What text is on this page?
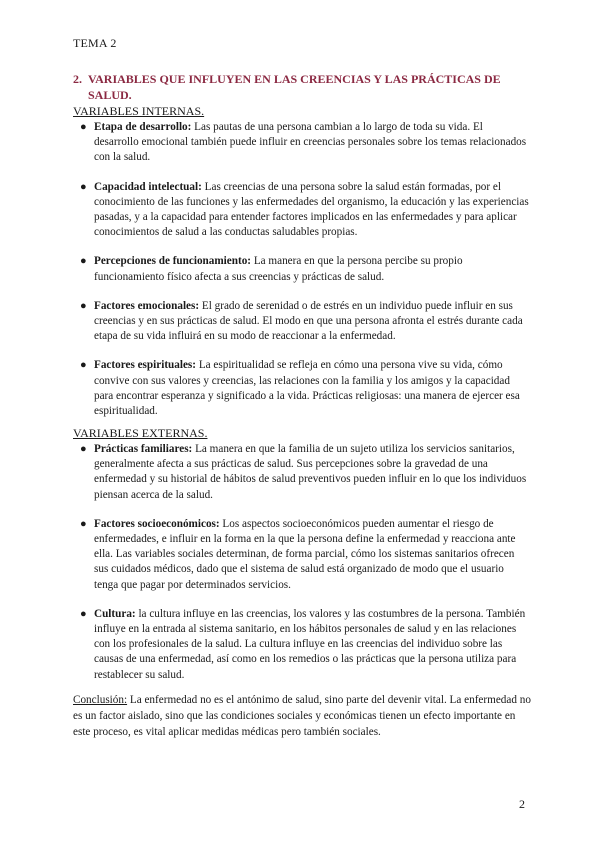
TEMA 2
2. VARIABLES QUE INFLUYEN EN LAS CREENCIAS Y LAS PRÁCTICAS DE SALUD.
VARIABLES INTERNAS.
● Etapa de desarrollo: Las pautas de una persona cambian a lo largo de toda su vida. El desarrollo emocional también puede influir en creencias personales sobre los temas relacionados con la salud.
● Capacidad intelectual: Las creencias de una persona sobre la salud están formadas, por el conocimiento de las funciones y las enfermedades del organismo, la educación y las experiencias pasadas, y a la capacidad para entender factores implicados en las enfermedades y para aplicar conocimientos de salud a las conductas saludables propias.
● Percepciones de funcionamiento: La manera en que la persona percibe su propio funcionamiento físico afecta a sus creencias y prácticas de salud.
● Factores emocionales: El grado de serenidad o de estrés en un individuo puede influir en sus creencias y en sus prácticas de salud. El modo en que una persona afronta el estrés durante cada etapa de su vida influirá en su modo de reaccionar a la enfermedad.
● Factores espirituales: La espiritualidad se refleja en cómo una persona vive su vida, cómo convive con sus valores y creencias, las relaciones con la familia y los amigos y la capacidad para encontrar esperanza y significado a la vida. Prácticas religiosas: una manera de ejercer esa espiritualidad.
VARIABLES EXTERNAS.
● Prácticas familiares: La manera en que la familia de un sujeto utiliza los servicios sanitarios, generalmente afecta a sus prácticas de salud. Sus percepciones sobre la gravedad de una enfermedad y su historial de hábitos de salud preventivos pueden influir en lo que los individuos piensan acerca de la salud.
● Factores socioeconómicos: Los aspectos socioeconómicos pueden aumentar el riesgo de enfermedades, e influir en la forma en la que la persona define la enfermedad y reacciona ante ella. Las variables sociales determinan, de forma parcial, cómo los sistemas sanitarios ofrecen sus cuidados médicos, dado que el sistema de salud está organizado de modo que el usuario tenga que pagar por determinados servicios.
● Cultura: la cultura influye en las creencias, los valores y las costumbres de la persona. También influye en la entrada al sistema sanitario, en los hábitos personales de salud y en las relaciones con los profesionales de la salud. La cultura influye en las creencias del individuo sobre las causas de una enfermedad, así como en los remedios o las prácticas que la persona utiliza para restablecer su salud.
Conclusión: La enfermedad no es el antónimo de salud, sino parte del devenir vital. La enfermedad no es un factor aislado, sino que las condiciones sociales y económicas tienen un efecto importante en este proceso, es vital aplicar medidas médicas pero también sociales.
2
